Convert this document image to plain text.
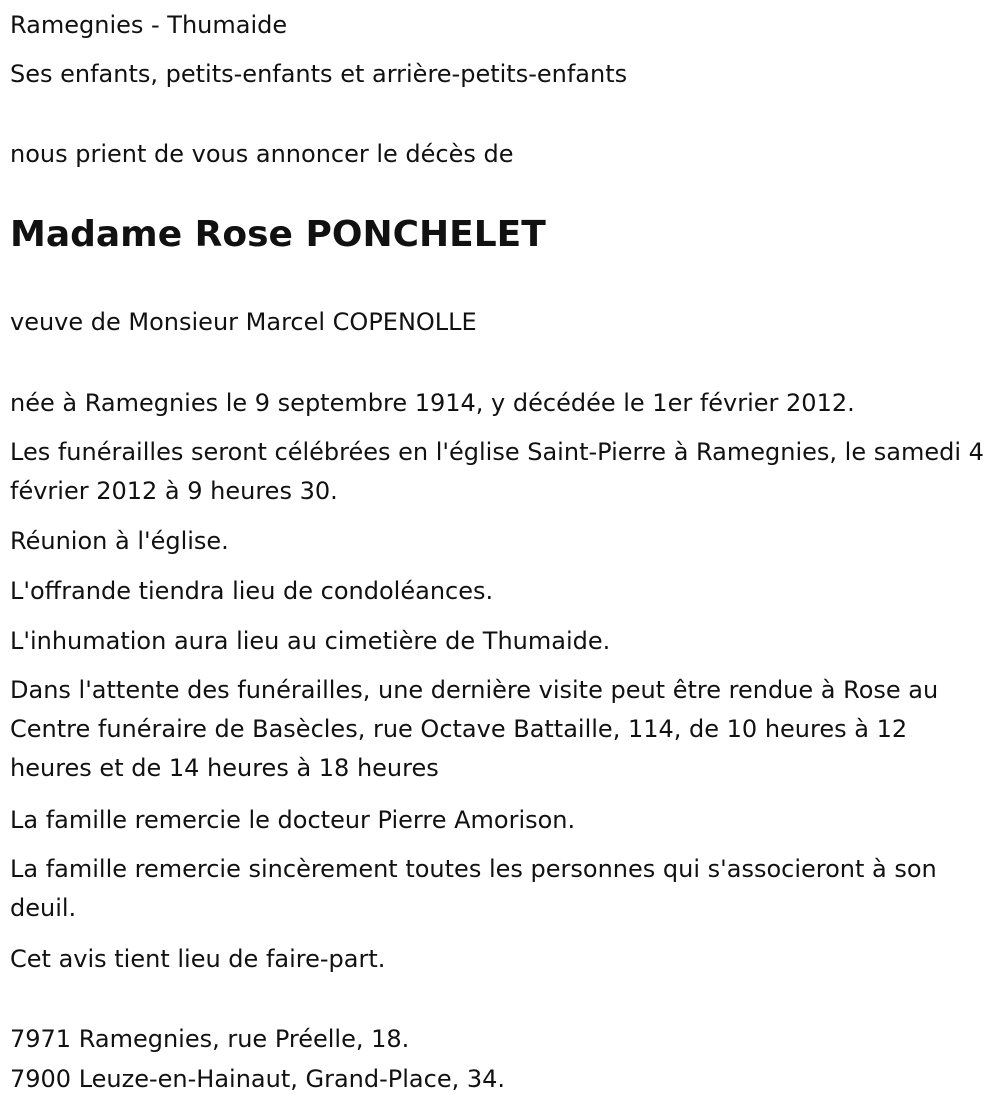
Ramegnies - Thumaide

Ses enfants, petits-enfants et arrière-petits-enfants

nous prient de vous annoncer le décès de

Madame Rose PONCHELET

veuve de Monsieur Marcel COPENOLLE

née à Ramegnies le 9 septembre 1914, y décédée le 1er février 2012.

Les funérailles seront célébrées en l'église Saint-Pierre à Ramegnies, le samedi 4 février 2012 à 9 heures 30.

Réunion à l'église.

L'offrande tiendra lieu de condoléances.

L'inhumation aura lieu au cimetière de Thumaide.

Dans l'attente des funérailles, une dernière visite peut être rendue à Rose au Centre funéraire de Basècles, rue Octave Battaille, 114, de 10 heures à 12 heures et de 14 heures à 18 heures

La famille remercie le docteur Pierre Amorison.

La famille remercie sincèrement toutes les personnes qui s'associeront à son deuil.

Cet avis tient lieu de faire-part.

7971 Ramegnies, rue Préelle, 18.

7900 Leuze-en-Hainaut, Grand-Place, 34.
